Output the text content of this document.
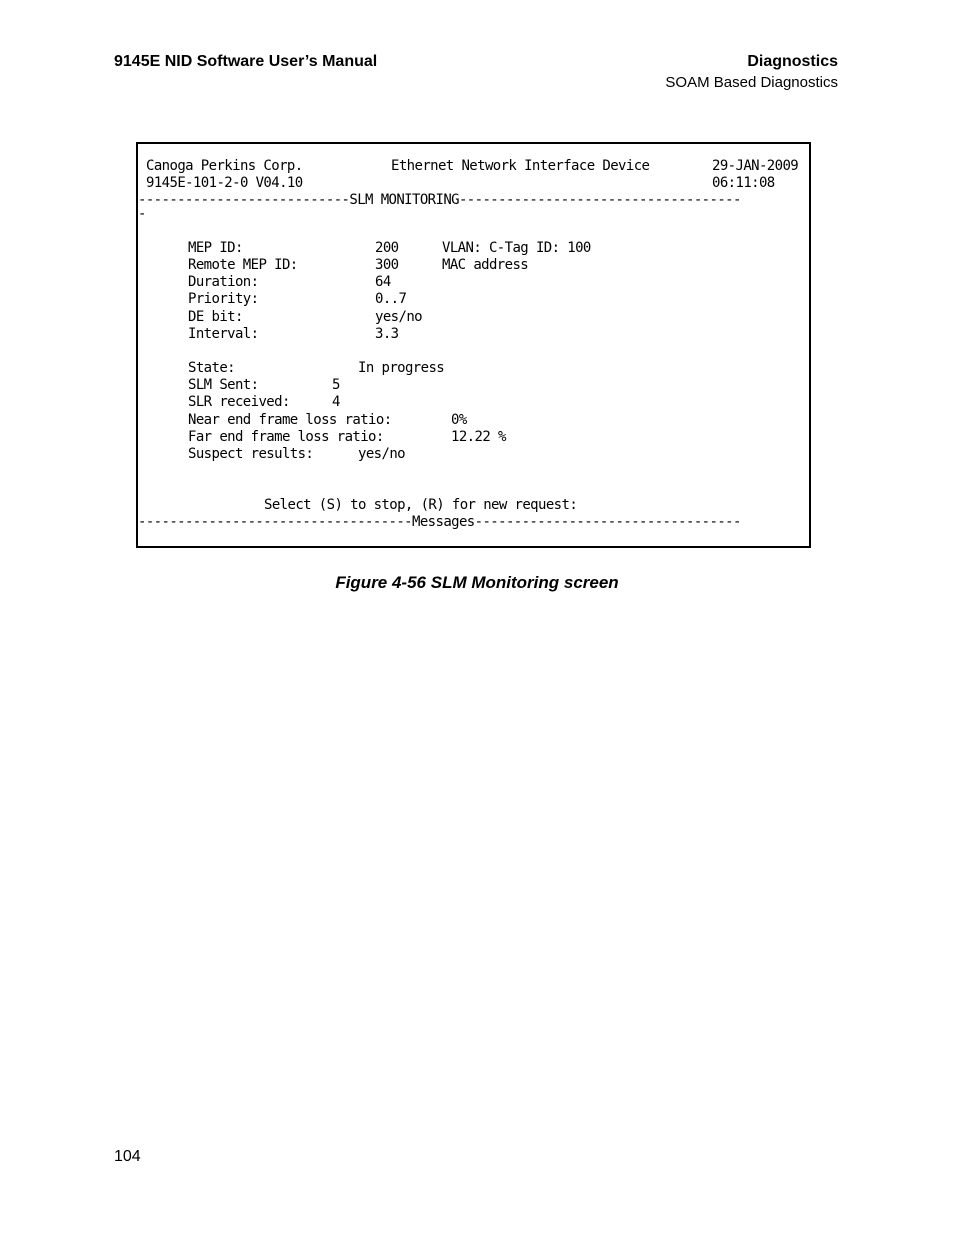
9145E NID Software User’s Manual	Diagnostics
SOAM Based Diagnostics
Canoga Perkins Corp.	Ethernet Network Interface Device	29-JAN-2009
9145E-101-2-0 V04.10	06:11:08
---------------------------SLM MONITORING------------------------------------
-
MEP ID:	200	VLAN: C-Tag ID: 100
Remote MEP ID:	300	MAC address
Duration:	64
Priority:	0..7
DE bit:	yes/no
Interval:	3.3
State:	In progress
SLM Sent:	5
SLR received:	4
Near end frame loss ratio:	0%
Far end frame loss ratio:	12.22 %
Suspect results:	yes/no
Select (S) to stop, (R) for new request:
-----------------------------------Messages----------------------------------
Figure 4-56 SLM Monitoring screen
104
